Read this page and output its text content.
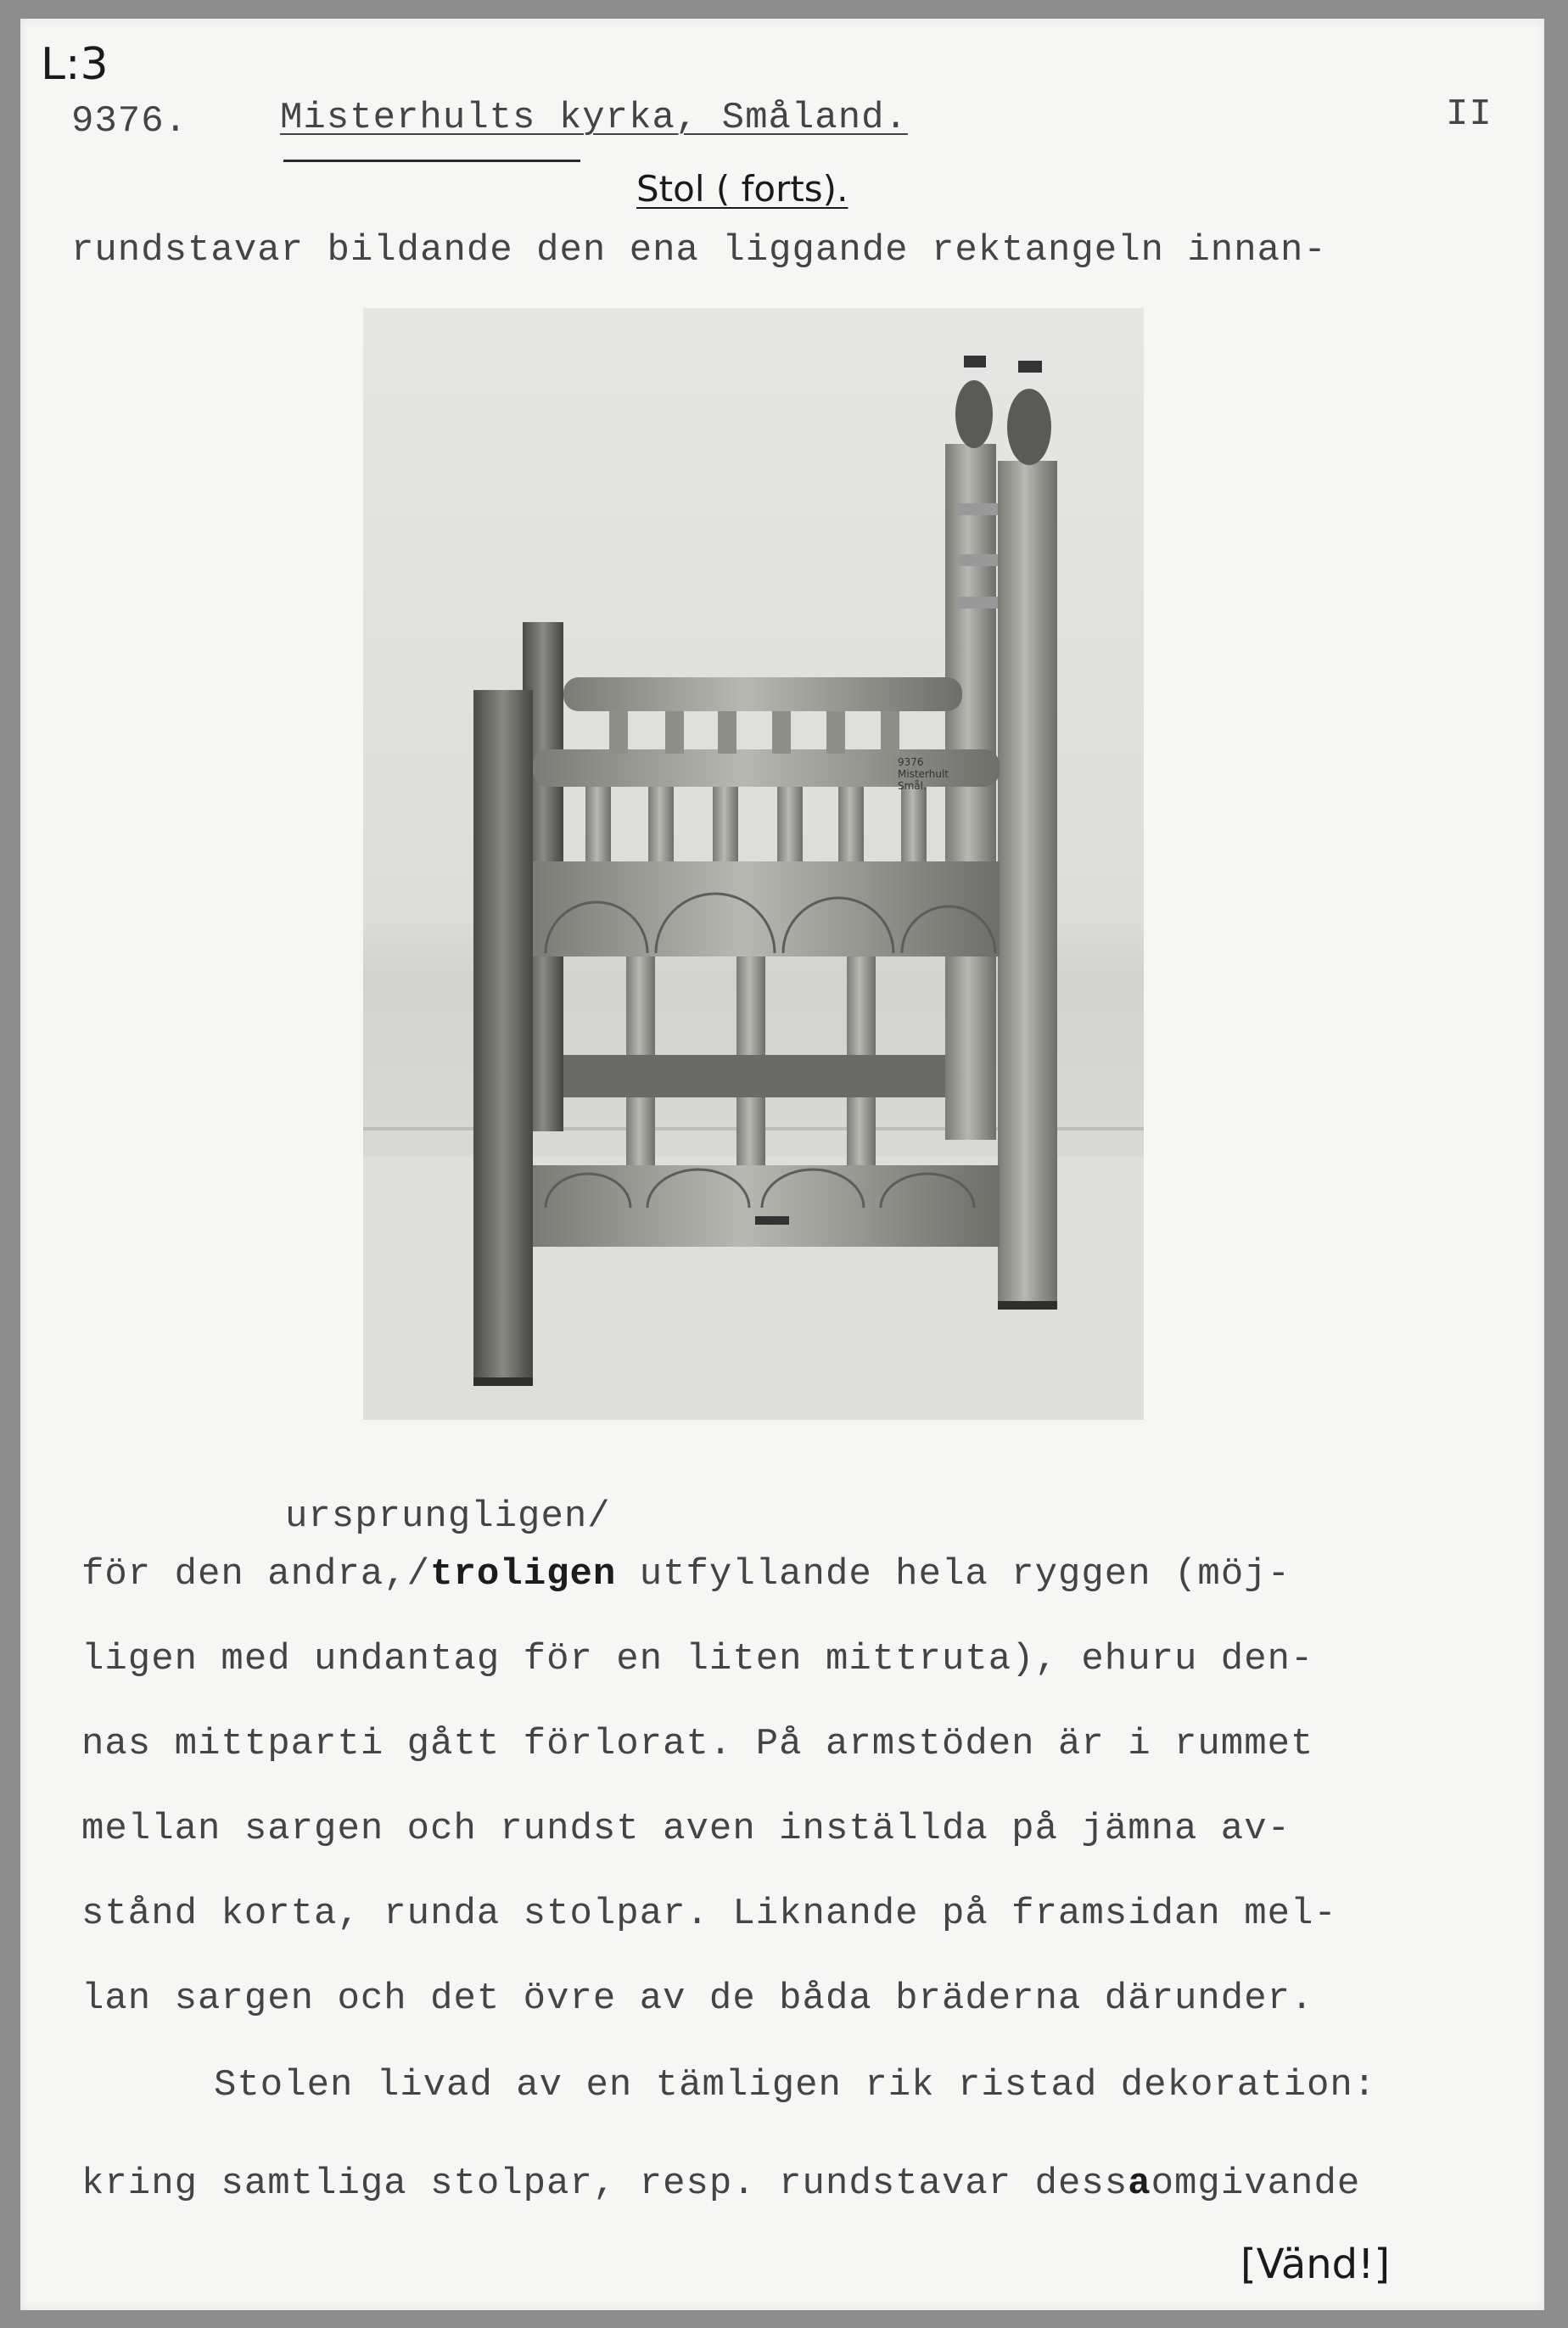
L:3
9376. Misterhults kyrka, Småland.	II
Stol ( forts).
rundstavar bildande den ena liggande rektangeln innan-
9376 Misterhult Smål.
ursprungligen/
för den andra,/troligen utfyllande hela ryggen (möj-
ligen med undantag för en liten mittruta), ehuru den-
nas mittparti gått förlorat. På armstöden är i rummet
mellan sargen och rundst aven inställda på jämna av-
stånd korta, runda stolpar. Liknande på framsidan mel-
lan sargen och det övre av de båda bräderna därunder.
Stolen livad av en tämligen rik ristad dekoration:
kring samtliga stolpar, resp. rundstavar dessaomgivande
[Vänd!]
